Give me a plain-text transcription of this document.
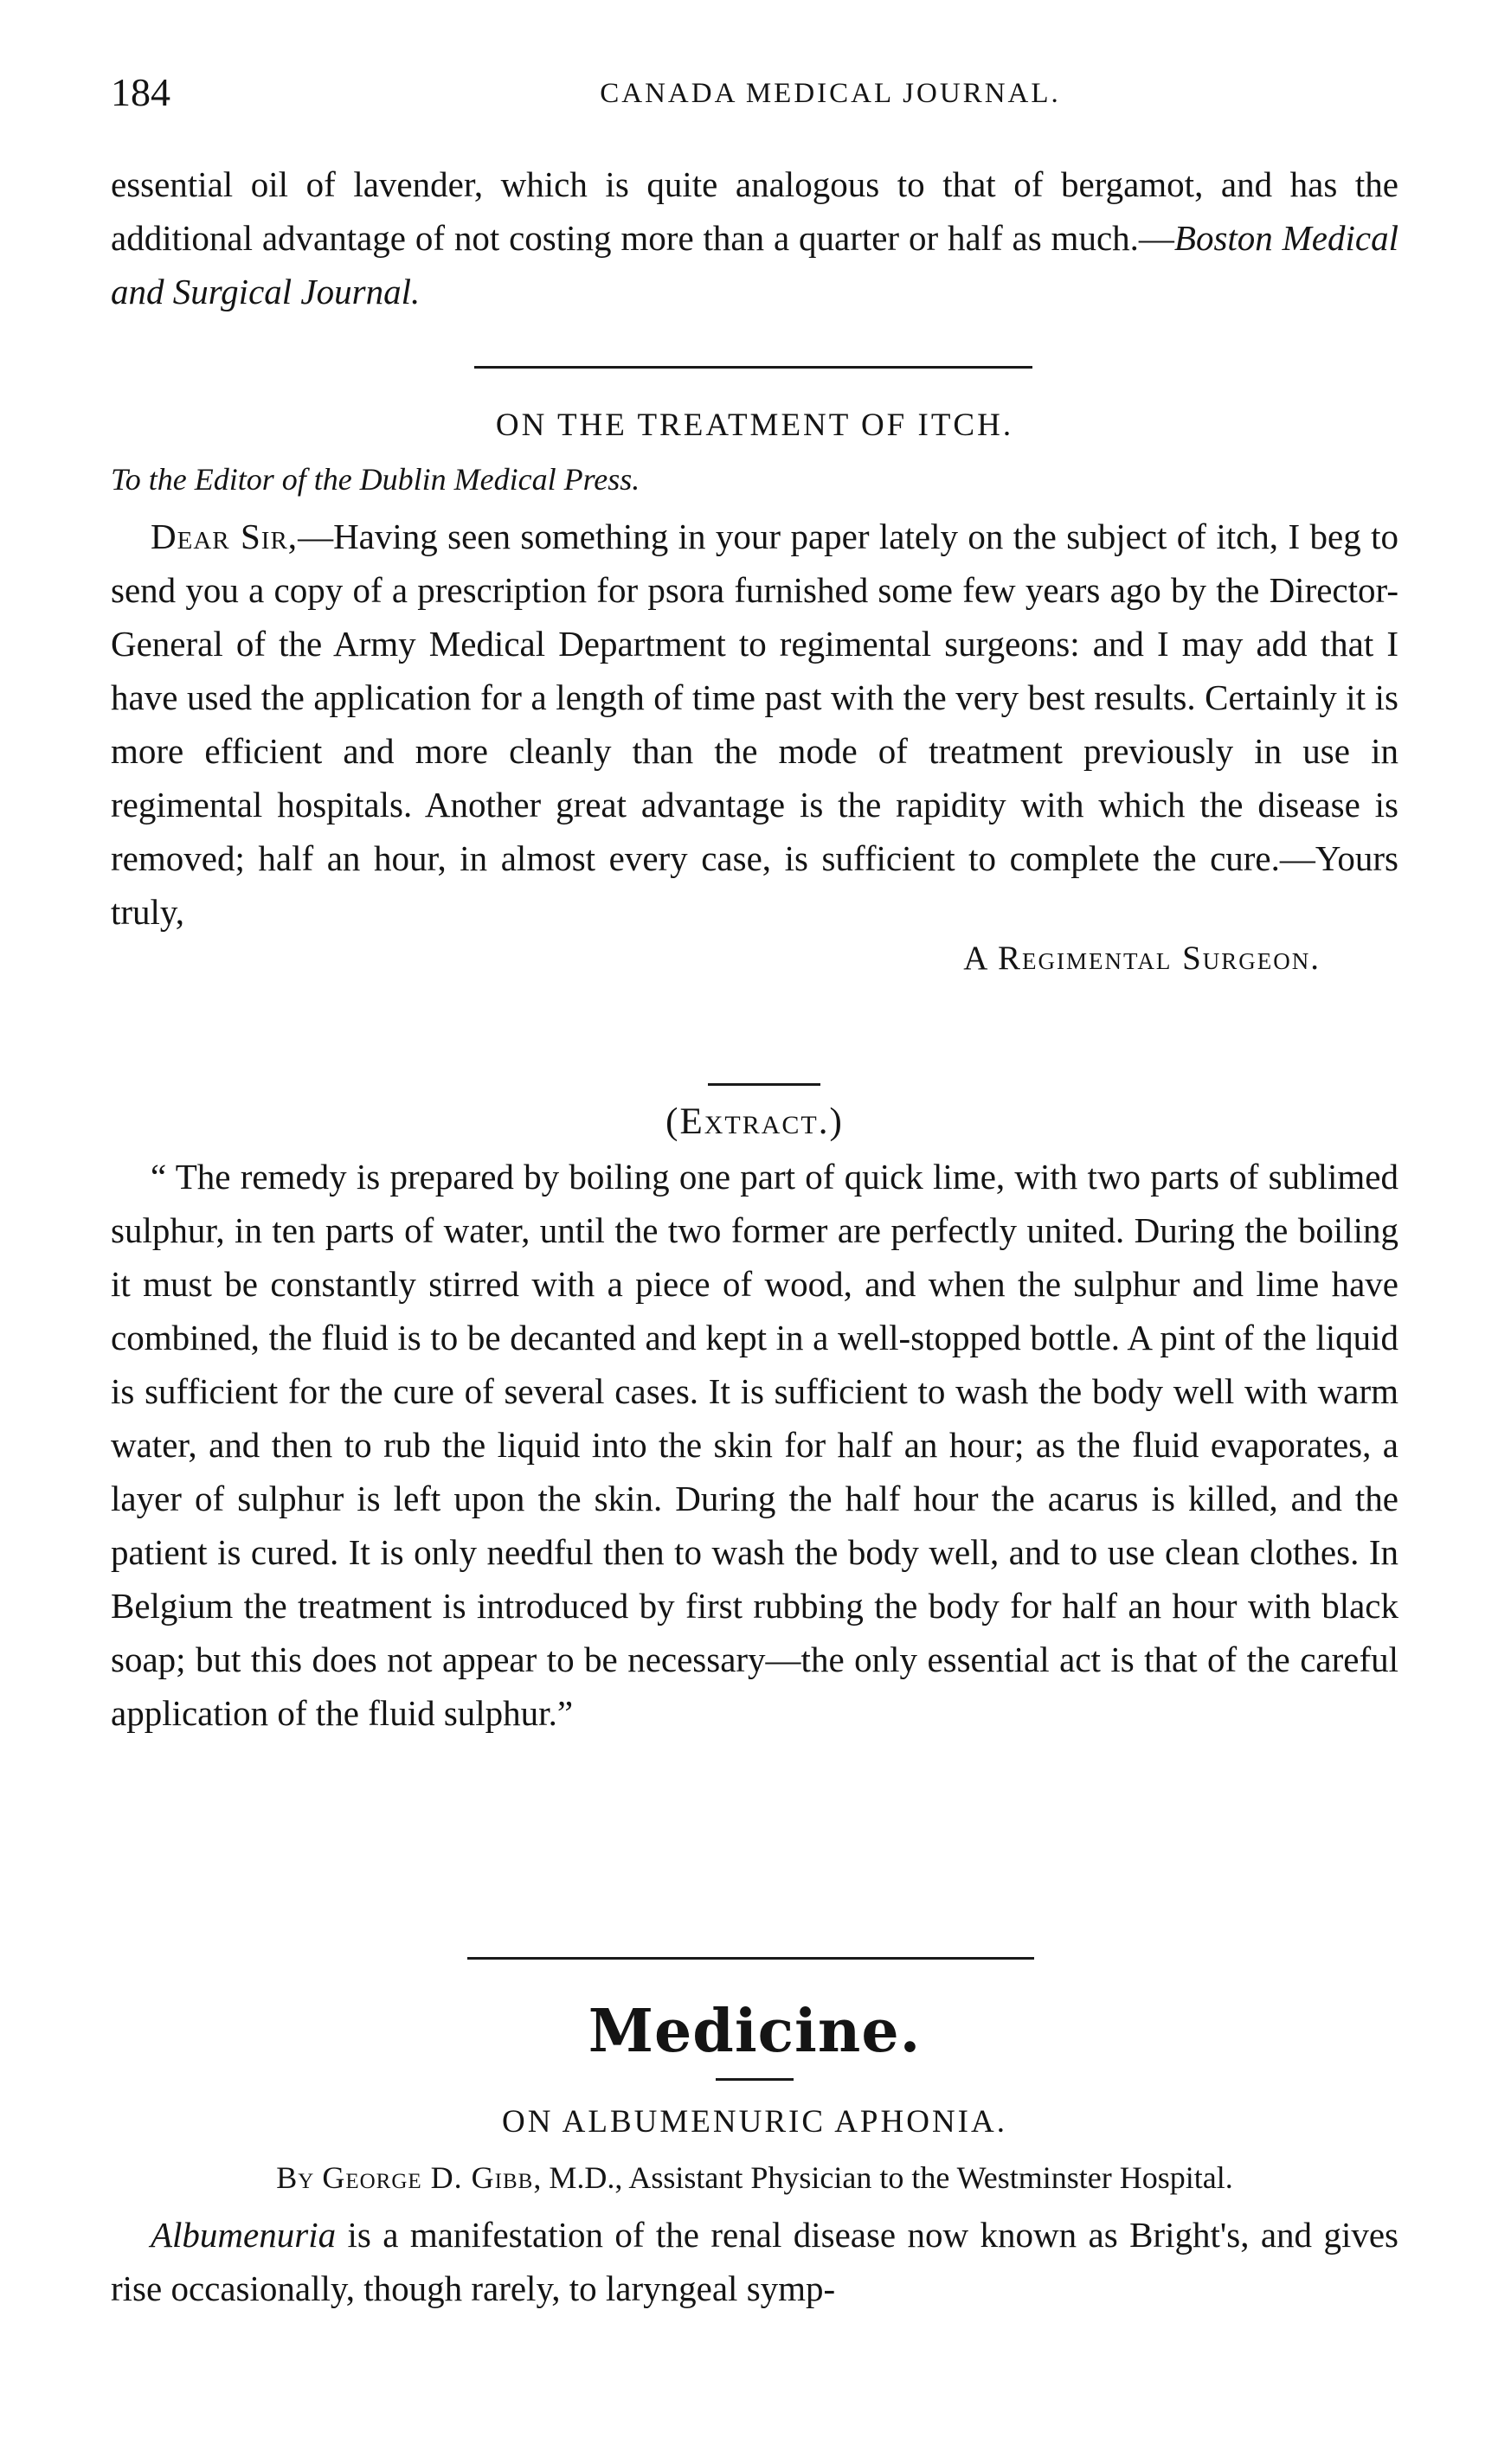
184	CANADA MEDICAL JOURNAL.

essential oil of lavender, which is quite analogous to that of bergamot, and has the additional advantage of not costing more than a quarter or half as much.—Boston Medical and Surgical Journal.

ON THE TREATMENT OF ITCH.

To the Editor of the Dublin Medical Press.

Dear Sir,—Having seen something in your paper lately on the subject of itch, I beg to send you a copy of a prescription for psora furnished some few years ago by the Director-General of the Army Medical Department to regimental surgeons: and I may add that I have used the application for a length of time past with the very best results. Certainly it is more efficient and more cleanly than the mode of treatment previously in use in regimental hospitals. Another great advantage is the rapidity with which the disease is removed; half an hour, in almost every case, is sufficient to complete the cure.—Yours truly,

A Regimental Surgeon.

(Extract.)

“ The remedy is prepared by boiling one part of quick lime, with two parts of sublimed sulphur, in ten parts of water, until the two former are perfectly united. During the boiling it must be constantly stirred with a piece of wood, and when the sulphur and lime have combined, the fluid is to be decanted and kept in a well-stopped bottle. A pint of the liquid is sufficient for the cure of several cases. It is sufficient to wash the body well with warm water, and then to rub the liquid into the skin for half an hour; as the fluid evaporates, a layer of sulphur is left upon the skin. During the half hour the acarus is killed, and the patient is cured. It is only needful then to wash the body well, and to use clean clothes. In Belgium the treatment is introduced by first rubbing the body for half an hour with black soap; but this does not appear to be necessary—the only essential act is that of the careful application of the fluid sulphur.”

Medicine.

ON ALBUMENURIC APHONIA.

By George D. Gibb, M.D., Assistant Physician to the Westminster Hospital.

Albumenuria is a manifestation of the renal disease now known as Bright's, and gives rise occasionally, though rarely, to laryngeal symp-
